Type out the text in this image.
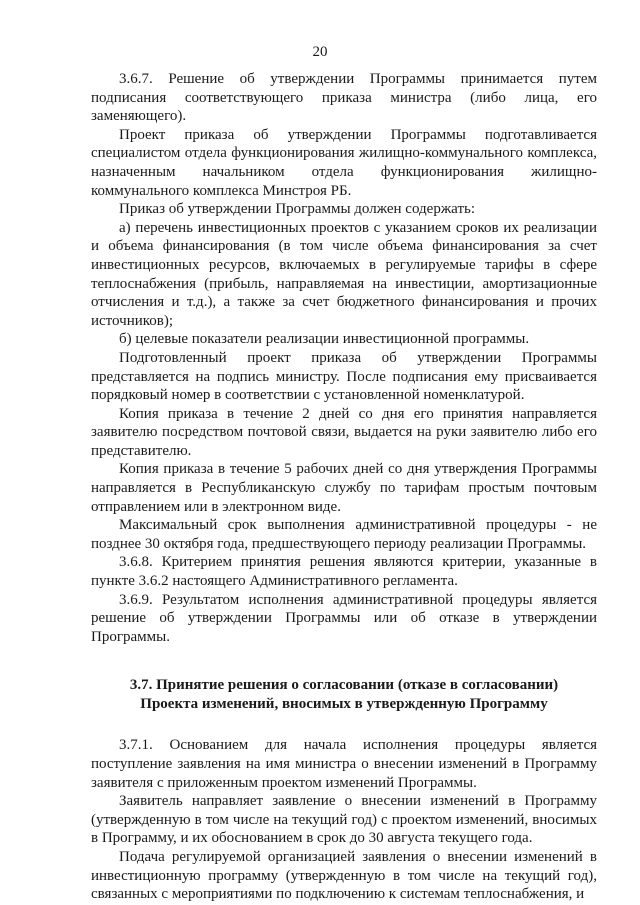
20

3.6.7. Решение об утверждении Программы принимается путем подписания соответствующего приказа министра (либо лица, его заменяющего).

Проект приказа об утверждении Программы подготавливается специалистом отдела функционирования жилищно-коммунального комплекса, назначенным начальником отдела функционирования жилищно-коммунального комплекса Минстроя РБ.

Приказ об утверждении Программы должен содержать:

а) перечень инвестиционных проектов с указанием сроков их реализации и объема финансирования (в том числе объема финансирования за счет инвестиционных ресурсов, включаемых в регулируемые тарифы в сфере теплоснабжения (прибыль, направляемая на инвестиции, амортизационные отчисления и т.д.), а также за счет бюджетного финансирования и прочих источников);

б) целевые показатели реализации инвестиционной программы.

Подготовленный проект приказа об утверждении Программы представляется на подпись министру. После подписания ему присваивается порядковый номер в соответствии с установленной номенклатурой.

Копия приказа в течение 2 дней со дня его принятия направляется заявителю посредством почтовой связи, выдается на руки заявителю либо его представителю.

Копия приказа в течение 5 рабочих дней со дня утверждения Программы направляется в Республиканскую службу по тарифам простым почтовым отправлением или в электронном виде.

Максимальный срок выполнения административной процедуры - не позднее 30 октября года, предшествующего периоду реализации Программы.

3.6.8. Критерием принятия решения являются критерии, указанные в пункте 3.6.2 настоящего Административного регламента.

3.6.9. Результатом исполнения административной процедуры является решение об утверждении Программы или об отказе в утверждении Программы.

3.7. Принятие решения о согласовании (отказе в согласовании)
Проекта изменений, вносимых в утвержденную Программу

3.7.1. Основанием для начала исполнения процедуры является поступление заявления на имя министра о внесении изменений в Программу заявителя с приложенным проектом изменений Программы.

Заявитель направляет заявление о внесении изменений в Программу (утвержденную в том числе на текущий год) с проектом изменений, вносимых в Программу, и их обоснованием в срок до 30 августа текущего года.

Подача регулируемой организацией заявления о внесении изменений в инвестиционную программу (утвержденную в том числе на текущий год), связанных с мероприятиями по подключению к системам теплоснабжения, и
